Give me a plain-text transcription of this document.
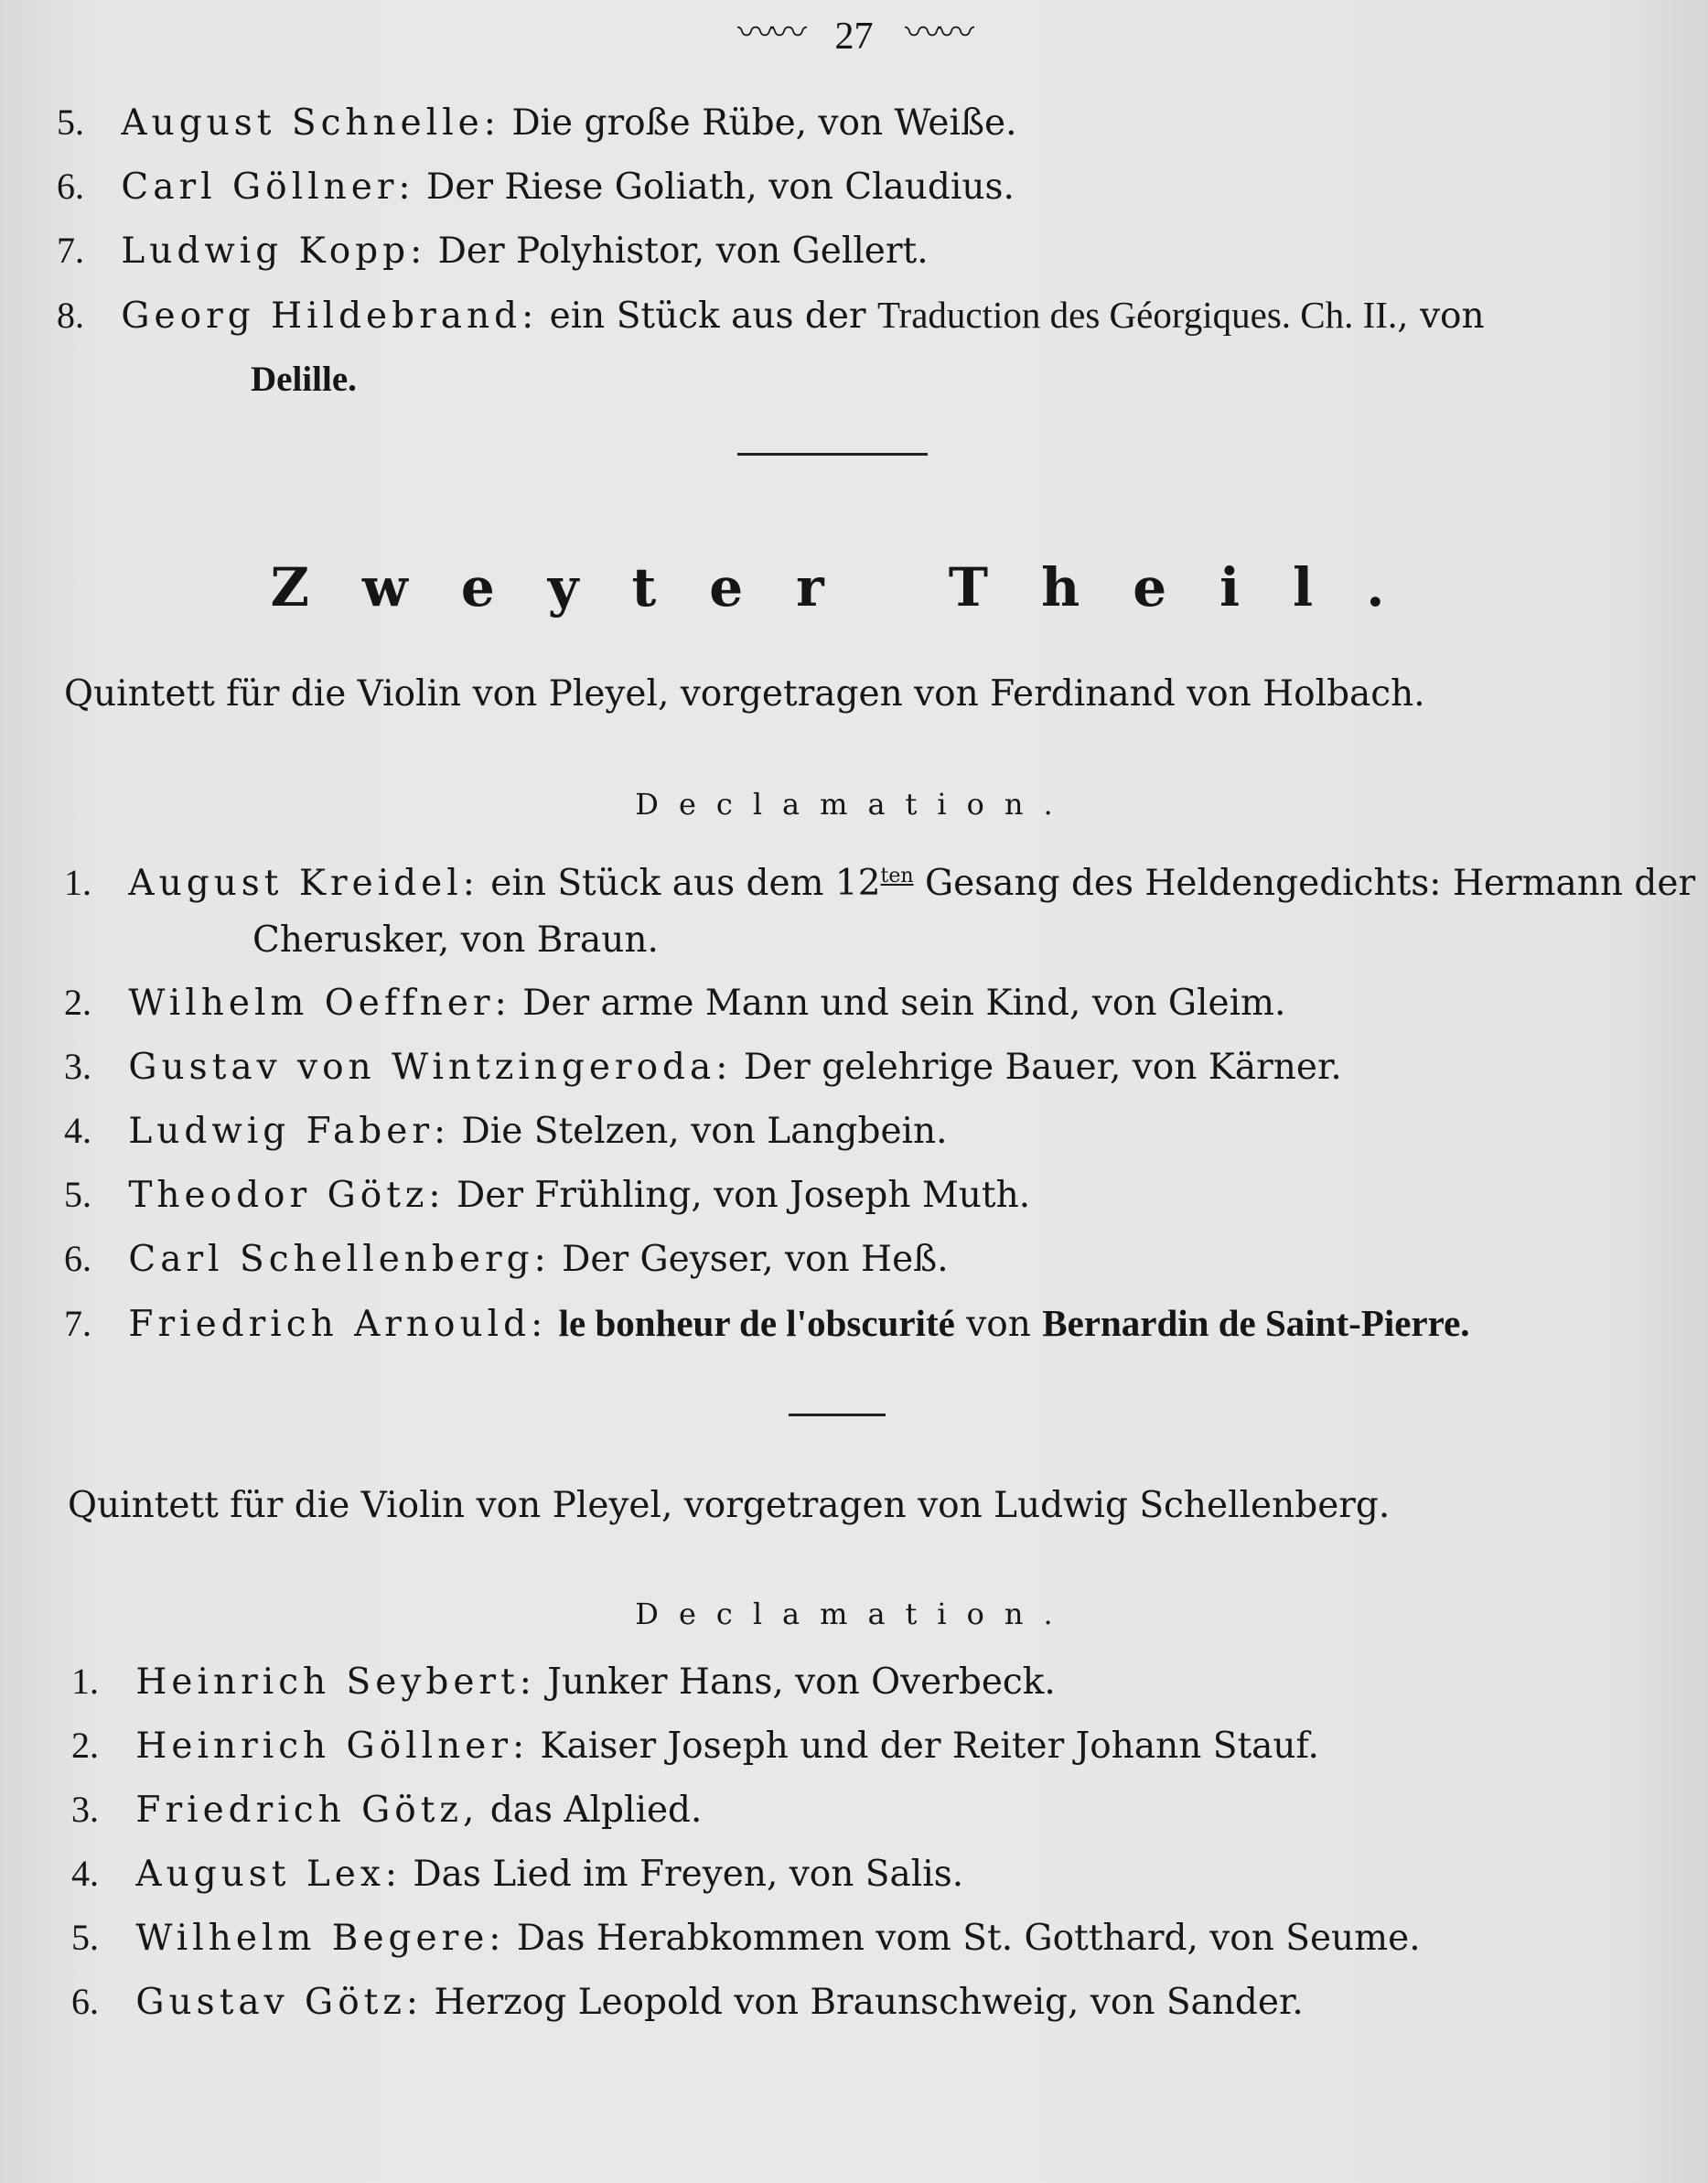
〰〰 27 〰〰
5. August Schnelle: Die große Rübe, von Weiße.
6. Carl Göllner: Der Riese Goliath, von Claudius.
7. Ludwig Kopp: Der Polyhistor, von Gellert.
8. Georg Hildebrand: ein Stück aus der Traduction des Géorgiques. Ch. II., von
Delille.
Zweyter Theil.
Quintett für die Violin von Pleyel, vorgetragen von Ferdinand von Holbach.
Declamation.
1. August Kreidel: ein Stück aus dem $12^{ten}$ Gesang des Heldengedichts: Hermann der
Cherusker, von Braun.
2. Wilhelm Oeffner: Der arme Mann und sein Kind, von Gleim.
3. Gustav von Wintzingeroda: Der gelehrige Bauer, von Kärner.
4. Ludwig Faber: Die Stelzen, von Langbein.
5. Theodor Götz: Der Frühling, von Joseph Muth.
6. Carl Schellenberg: Der Geyser, von Heß.
7. Friedrich Arnould: le bonheur de l'obscurité von Bernardin de Saint-Pierre.
Quintett für die Violin von Pleyel, vorgetragen von Ludwig Schellenberg.
Declamation.
1. Heinrich Seybert: Junker Hans, von Overbeck.
2. Heinrich Göllner: Kaiser Joseph und der Reiter Johann Stauf.
3. Friedrich Götz, das Alplied.
4. August Lex: Das Lied im Freyen, von Salis.
5. Wilhelm Begere: Das Herabkommen vom St. Gotthard, von Seume.
6. Gustav Götz: Herzog Leopold von Braunschweig, von Sander.
